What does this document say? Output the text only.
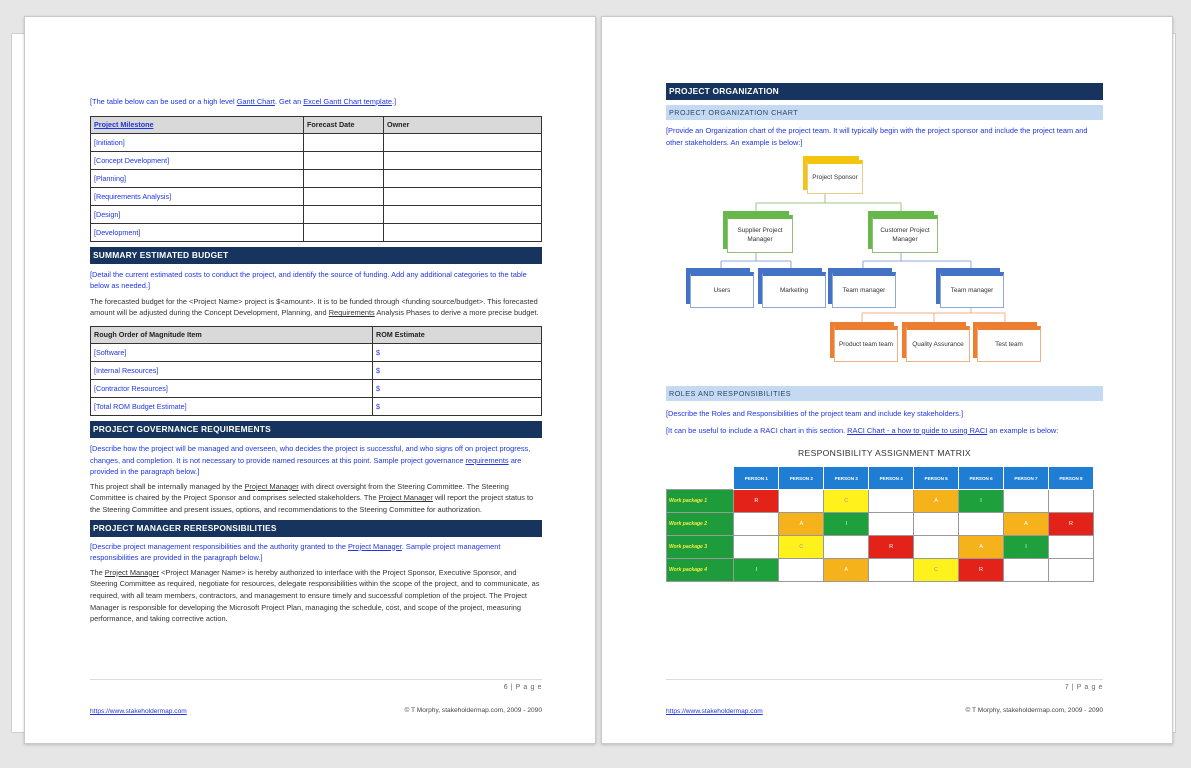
[The table below can be used or a high level Gantt Chart. Get an Excel Gantt Chart template.]

Project Milestone	Forecast Date	Owner
[Initiation]		
[Concept Development]		
[Planning]		
[Requirements Analysis]		
[Design]		
[Development]		
SUMMARY ESTIMATED BUDGET

[Detail the current estimated costs to conduct the project, and identify the source of funding. Add any additional categories to the table below as needed.]

The forecasted budget for the <Project Name> project is $<amount>. It is to be funded through <funding source/budget>. This forecasted amount will be adjusted during the Concept Development, Planning, and Requirements Analysis Phases to derive a more precise budget.

Rough Order of Magnitude Item	ROM Estimate
[Software]	$
[Internal Resources]	$
[Contractor Resources]	$
[Total ROM Budget Estimate]	$
PROJECT GOVERNANCE REQUIREMENTS

[Describe how the project will be managed and overseen, who decides the project is successful, and who signs off on project progress, changes, and completion. It is not necessary to provide named resources at this point. Sample project governance requirements are provided in the paragraph below.]

This project shall be internally managed by the Project Manager with direct oversight from the Steering Committee. The Steering Committee is chaired by the Project Sponsor and comprises selected stakeholders. The Project Manager will report the project status to the Steering Committee and present issues, options, and recommendations to the Steering Committee for authorization.

PROJECT MANAGER RERESPONSIBILITIES

[Describe project management responsibilities and the authority granted to the Project Manager. Sample project management responsibilities are provided in the paragraph below.]

The Project Manager <Project Manager Name> is hereby authorized to interface with the Project Sponsor, Executive Sponsor, and Steering Committee as required, negotiate for resources, delegate responsibilities within the scope of the project, and to communicate, as required, with all team members, contractors, and management to ensure timely and successful completion of the project. The Project Manager is responsible for developing the Microsoft Project Plan, managing the schedule, cost, and scope of the project, measuring performance, and taking corrective action.

6 | P a g e
https://www.stakeholdermap.com	© T Morphy, stakeholdermap.com, 2009 - 2090
PROJECT ORGANIZATION
PROJECT ORGANIZATION CHART

[Provide an Organization chart of the project team. It will typically begin with the project sponsor and include the project team and other stakeholders. An example is below:]

Project Sponsor
Supplier Project Manager
Customer Project Manager
Users	Marketing	Team manager	Team manager
Product team team	Quality Assurance	Test team
ROLES AND RESPONSIBILITIES

[Describe the Roles and Responsibilities of the project team and include key stakeholders.]

[It can be useful to include a RACI chart in this section. RACI Chart - a how to guide to using RACI an example is below:

RESPONSIBILITY ASSIGNMENT MATRIX
	PERSON 1	PERSON 2	PERSON 3	PERSON 4	PERSON 5	PERSON 6	PERSON 7	PERSON 8
Work package 1	R		C		A	I		
Work package 2		A	I				A	R
Work package 3		C		R		A	I	
Work package 4	I		A		C	R		
7 | P a g e
https://www.stakeholdermap.com	© T Morphy, stakeholdermap.com, 2009 - 2090
